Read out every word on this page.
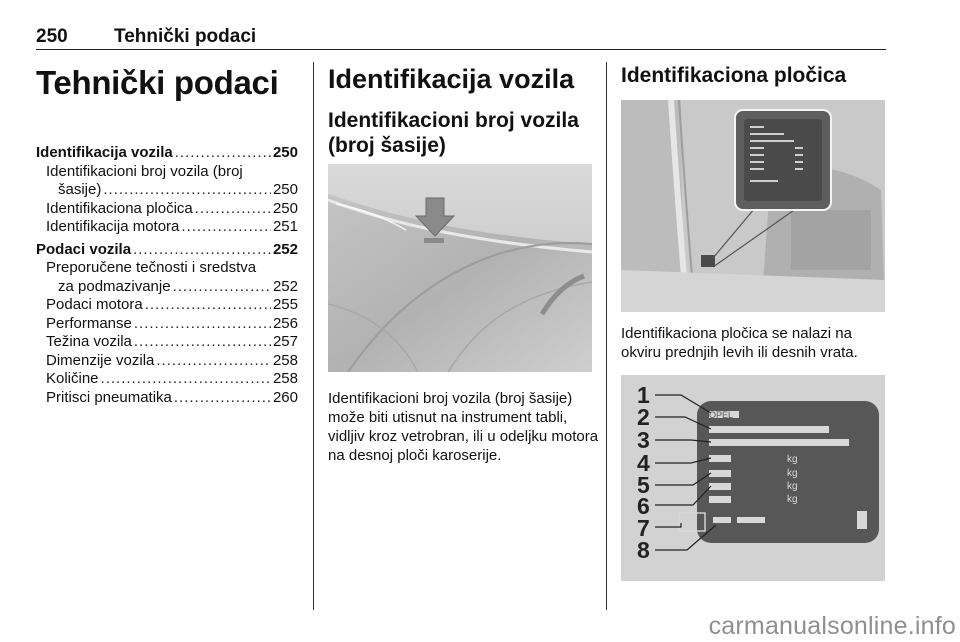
250 Tehnički podaci
Tehnički podaci
Identifikacija vozila .....	250
Identifikacioni broj vozila (broj
šasije) .....	250
Identifikaciona pločica .....	250
Identifikacija motora .....	251
Podaci vozila .....	252
Preporučene tečnosti i sredstva
za podmazivanje .....	252
Podaci motora .....	255
Performanse .....	256
Težina vozila .....	257
Dimenzije vozila .....	258
Količine .....	258
Pritisci pneumatika .....	260
Identifikacija vozila
Identifikacioni broj vozila (broj šasije)
Identifikacioni broj vozila (broj šasije) može biti utisnut na instrument tabli, vidljiv kroz vetrobran, ili u odeljku motora na desnoj ploči karoserije.
Identifikaciona pločica
Identifikaciona pločica se nalazi na okviru prednjih levih ili desnih vrata.
1
2
3
4
5
6
7
8
kg
kg
kg
kg
OPEL
carmanualsonline.info
